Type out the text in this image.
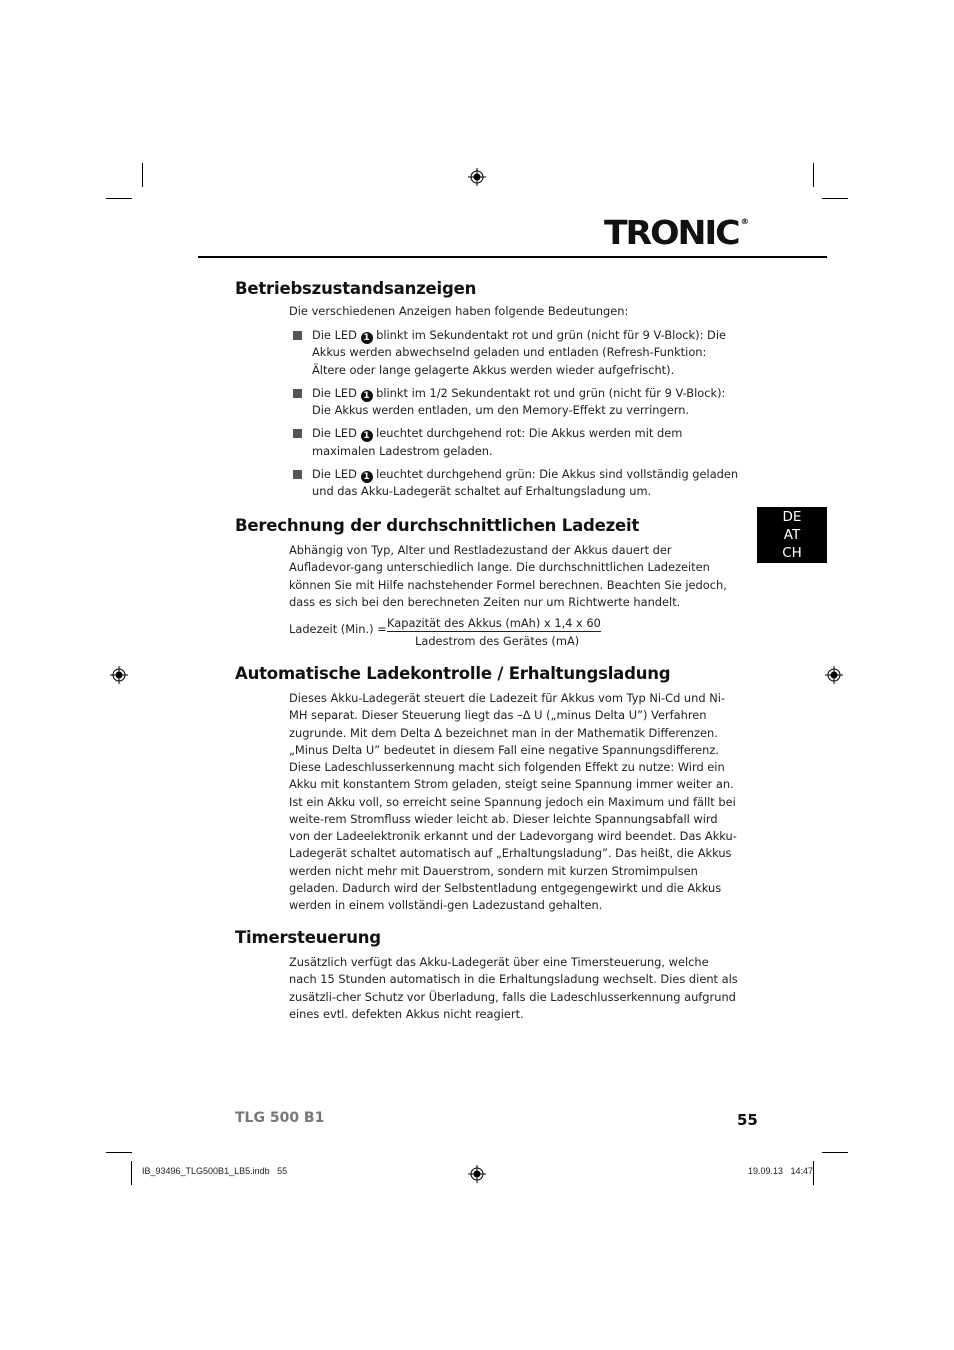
TRONIC ®
DE
AT
CH
Betriebszustandsanzeigen

Die verschiedenen Anzeigen haben folgende Bedeutungen:

Die LED 1 blinkt im Sekundentakt rot und grün (nicht für 9 V-Block): Die Akkus werden abwechselnd geladen und entladen (Refresh-Funktion: Ältere oder lange gelagerte Akkus werden wieder aufgefrischt).
Die LED 1 blinkt im 1/2 Sekundentakt rot und grün (nicht für 9 V-Block): Die Akkus werden entladen, um den Memory-Effekt zu verringern.
Die LED 1 leuchtet durchgehend rot: Die Akkus werden mit dem maximalen Ladestrom geladen.
Die LED 1 leuchtet durchgehend grün: Die Akkus sind vollständig geladen und das Akku-Ladegerät schaltet auf Erhaltungsladung um.
Berechnung der durchschnittlichen Ladezeit

Abhängig von Typ, Alter und Restladezustand der Akkus dauert der Aufladevor-gang unterschiedlich lange. Die durchschnittlichen Ladezeiten können Sie mit Hilfe nachstehender Formel berechnen. Beachten Sie jedoch, dass es sich bei den berechneten Zeiten nur um Richtwerte handelt.

Ladezeit (Min.) = Kapazität des Akkus (mAh) x 1,4 x 60
Ladestrom des Gerätes (mA)
Automatische Ladekontrolle / Erhaltungsladung

Dieses Akku-Ladegerät steuert die Ladezeit für Akkus vom Typ Ni-Cd und Ni-MH separat. Dieser Steuerung liegt das –Δ U („minus Delta U”) Verfahren zugrunde. Mit dem Delta Δ bezeichnet man in der Mathematik Differenzen. „Minus Delta U” bedeutet in diesem Fall eine negative Spannungsdifferenz.

Diese Ladeschlusserkennung macht sich folgenden Effekt zu nutze: Wird ein Akku mit konstantem Strom geladen, steigt seine Spannung immer weiter an. Ist ein Akku voll, so erreicht seine Spannung jedoch ein Maximum und fällt bei weite-rem Stromfluss wieder leicht ab. Dieser leichte Spannungsabfall wird von der Ladeelektronik erkannt und der Ladevorgang wird beendet. Das Akku-Ladegerät schaltet automatisch auf „Erhaltungsladung”. Das heißt, die Akkus werden nicht mehr mit Dauerstrom, sondern mit kurzen Stromimpulsen geladen. Dadurch wird der Selbstentladung entgegengewirkt und die Akkus werden in einem vollständi-gen Ladezustand gehalten.

Timersteuerung

Zusätzlich verfügt das Akku-Ladegerät über eine Timersteuerung, welche nach 15 Stunden automatisch in die Erhaltungsladung wechselt. Dies dient als zusätzli-cher Schutz vor Überladung, falls die Ladeschlusserkennung aufgrund eines evtl. defekten Akkus nicht reagiert.

TLG 500 B1	55
IB_93496_TLG500B1_LB5.indb   55	19.09.13   14:47
